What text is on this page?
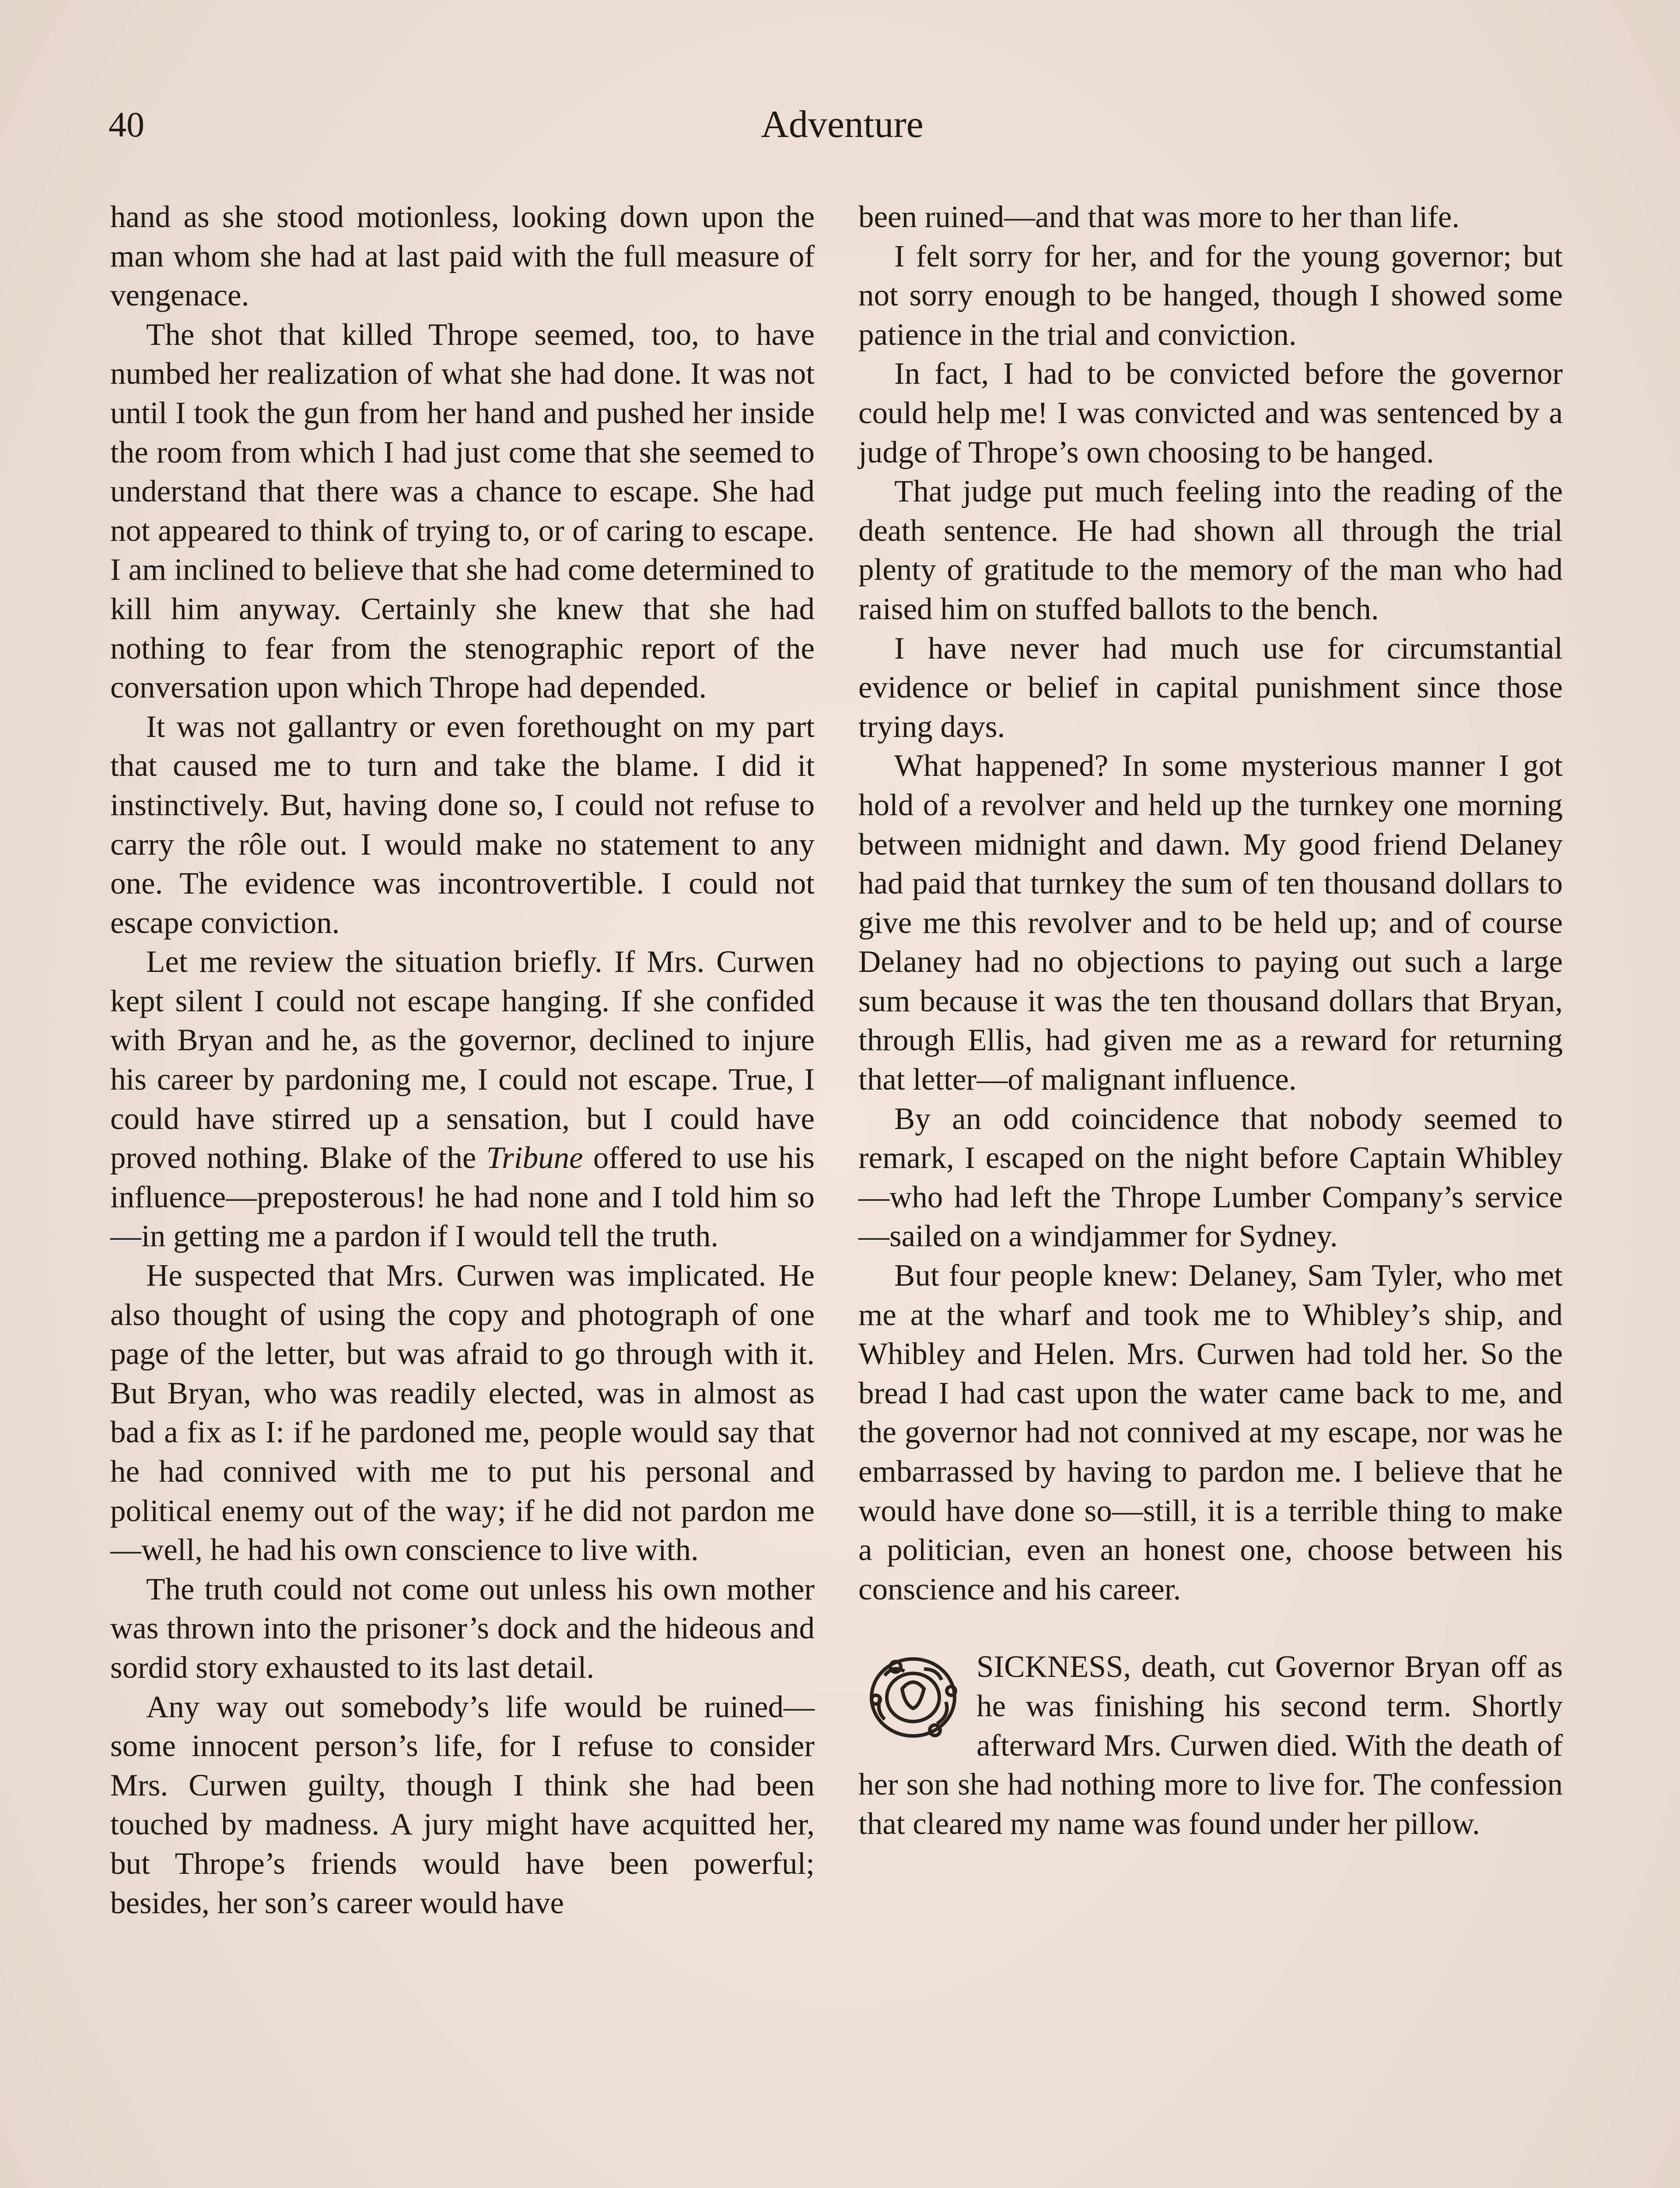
40	Adventure

hand as she stood motionless, looking down upon the man whom she had at last paid with the full measure of vengenace.

The shot that killed Thrope seemed, too, to have numbed her realization of what she had done. It was not until I took the gun from her hand and pushed her inside the room from which I had just come that she seemed to understand that there was a chance to escape. She had not appeared to think of trying to, or of caring to escape. I am inclined to believe that she had come determined to kill him anyway. Certainly she knew that she had nothing to fear from the stenographic report of the conversation upon which Thrope had depended.

It was not gallantry or even forethought on my part that caused me to turn and take the blame. I did it instinctively. But, having done so, I could not refuse to carry the rôle out. I would make no statement to any one. The evidence was incontrovertible. I could not escape conviction.

Let me review the situation briefly. If Mrs. Curwen kept silent I could not escape hanging. If she confided with Bryan and he, as the governor, declined to injure his career by pardoning me, I could not escape. True, I could have stirred up a sensation, but I could have proved nothing. Blake of the Tribune offered to use his influence—preposterous! he had none and I told him so—in getting me a pardon if I would tell the truth.

He suspected that Mrs. Curwen was implicated. He also thought of using the copy and photograph of one page of the letter, but was afraid to go through with it. But Bryan, who was readily elected, was in almost as bad a fix as I: if he pardoned me, people would say that he had connived with me to put his personal and political enemy out of the way; if he did not pardon me—well, he had his own conscience to live with.

The truth could not come out unless his own mother was thrown into the prisoner’s dock and the hideous and sordid story exhausted to its last detail.

Any way out somebody’s life would be ruined—some innocent person’s life, for I refuse to consider Mrs. Curwen guilty, though I think she had been touched by madness. A jury might have acquitted her, but Thrope’s friends would have been powerful; besides, her son’s career would have

been ruined—and that was more to her than life.

I felt sorry for her, and for the young governor; but not sorry enough to be hanged, though I showed some patience in the trial and conviction.

In fact, I had to be convicted before the governor could help me! I was convicted and was sentenced by a judge of Thrope’s own choosing to be hanged.

That judge put much feeling into the reading of the death sentence. He had shown all through the trial plenty of gratitude to the memory of the man who had raised him on stuffed ballots to the bench.

I have never had much use for circumstantial evidence or belief in capital punishment since those trying days.

What happened? In some mysterious manner I got hold of a revolver and held up the turnkey one morning between midnight and dawn. My good friend Delaney had paid that turnkey the sum of ten thousand dollars to give me this revolver and to be held up; and of course Delaney had no objections to paying out such a large sum because it was the ten thousand dollars that Bryan, through Ellis, had given me as a reward for returning that letter—of malignant influence.

By an odd coincidence that nobody seemed to remark, I escaped on the night before Captain Whibley—who had left the Thrope Lumber Company’s service—sailed on a windjammer for Sydney.

But four people knew: Delaney, Sam Tyler, who met me at the wharf and took me to Whibley’s ship, and Whibley and Helen. Mrs. Curwen had told her. So the bread I had cast upon the water came back to me, and the governor had not connived at my escape, nor was he embarrassed by having to pardon me. I believe that he would have done so—still, it is a terrible thing to make a politician, even an honest one, choose between his conscience and his career.

SICKNESS, death, cut Governor Bryan off as he was finishing his second term. Shortly afterward Mrs. Curwen died. With the death of her son she had nothing more to live for. The confession that cleared my name was found under her pillow.
